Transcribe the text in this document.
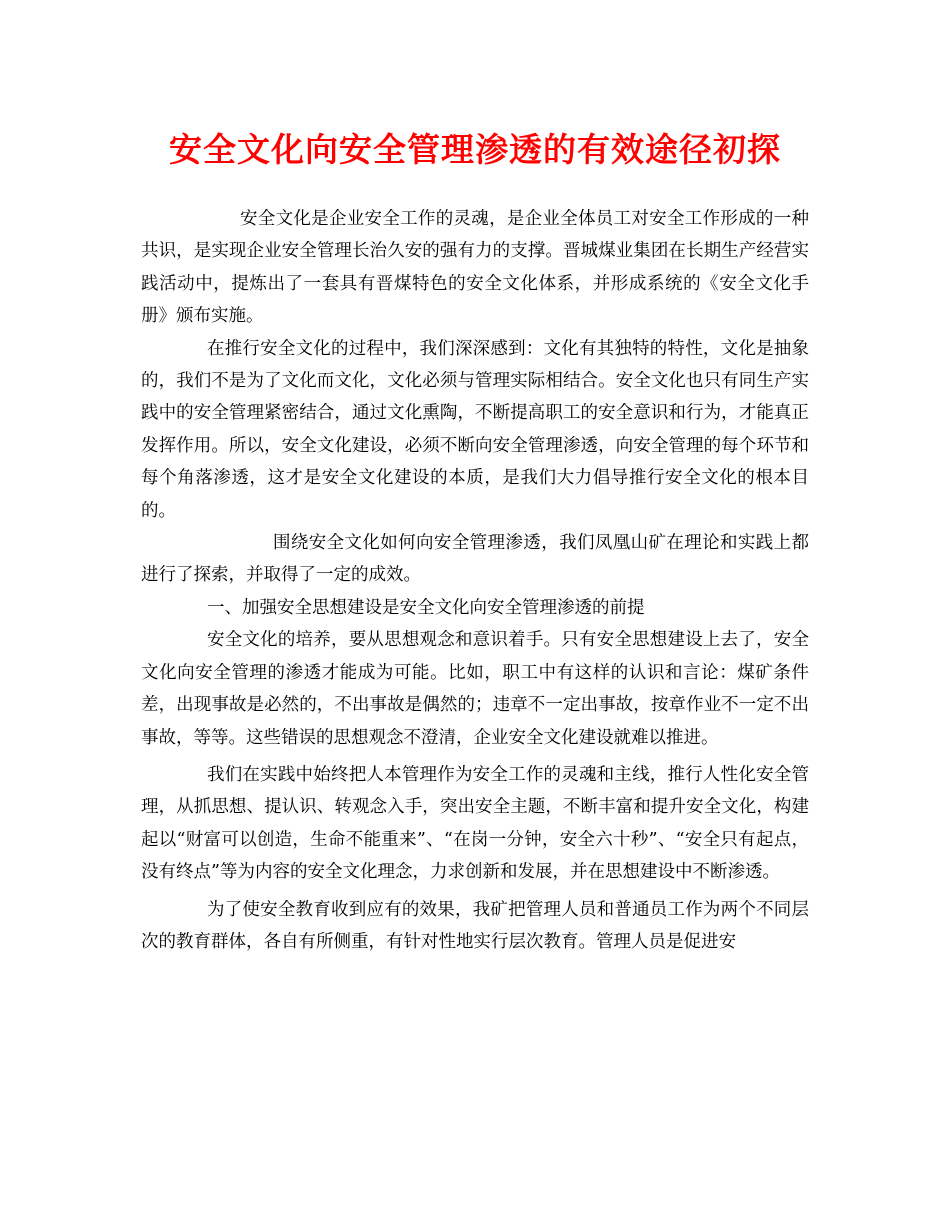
安全文化向安全管理渗透的有效途径初探

安全文化是企业安全工作的灵魂，是企业全体员工对安全工作形成的一种共识，是实现企业安全管理长治久安的强有力的支撑。晋城煤业集团在长期生产经营实践活动中，提炼出了一套具有晋煤特色的安全文化体系，并形成系统的《安全文化手册》颁布实施。

在推行安全文化的过程中，我们深深感到：文化有其独特的特性，文化是抽象的，我们不是为了文化而文化，文化必须与管理实际相结合。安全文化也只有同生产实践中的安全管理紧密结合，通过文化熏陶，不断提高职工的安全意识和行为，才能真正发挥作用。所以，安全文化建设，必须不断向安全管理渗透，向安全管理的每个环节和每个角落渗透，这才是安全文化建设的本质，是我们大力倡导推行安全文化的根本目的。

围绕安全文化如何向安全管理渗透，我们凤凰山矿在理论和实践上都进行了探索，并取得了一定的成效。

一、加强安全思想建设是安全文化向安全管理渗透的前提

安全文化的培养，要从思想观念和意识着手。只有安全思想建设上去了，安全文化向安全管理的渗透才能成为可能。比如，职工中有这样的认识和言论：煤矿条件差，出现事故是必然的，不出事故是偶然的；违章不一定出事故，按章作业不一定不出事故，等等。这些错误的思想观念不澄清，企业安全文化建设就难以推进。

我们在实践中始终把人本管理作为安全工作的灵魂和主线，推行人性化安全管理，从抓思想、提认识、转观念入手，突出安全主题，不断丰富和提升安全文化，构建起以“财富可以创造，生命不能重来”、“在岗一分钟，安全六十秒”、“安全只有起点，没有终点”等为内容的安全文化理念，力求创新和发展，并在思想建设中不断渗透。

为了使安全教育收到应有的效果，我矿把管理人员和普通员工作为两个不同层次的教育群体，各自有所侧重，有针对性地实行层次教育。管理人员是促进安
